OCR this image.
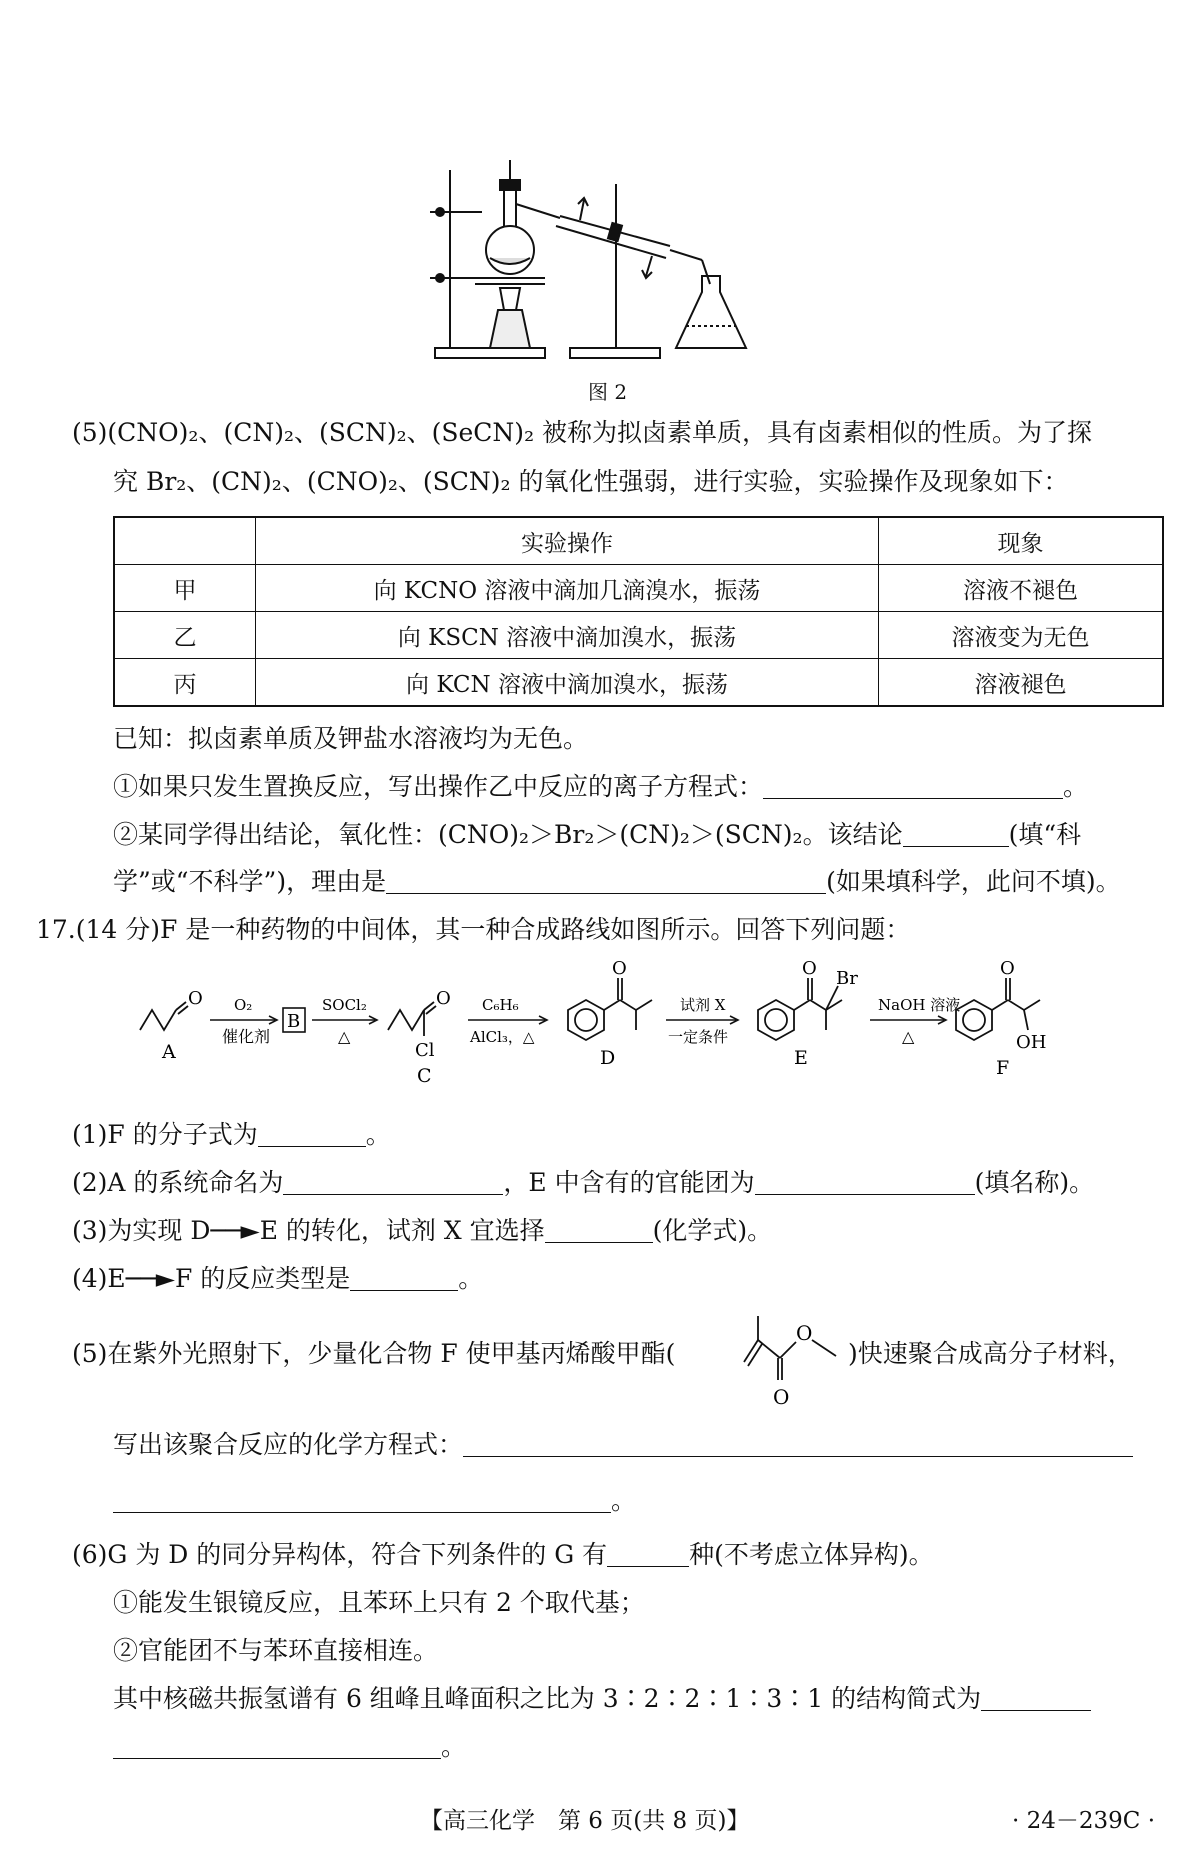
图 2
(5)(CNO)₂、(CN)₂、(SCN)₂、(SeCN)₂ 被称为拟卤素单质，具有卤素相似的性质。为了探
究 Br₂、(CN)₂、(CNO)₂、(SCN)₂ 的氧化性强弱，进行实验，实验操作及现象如下：
	实验操作	现象
甲	向 KCNO 溶液中滴加几滴溴水，振荡	溶液不褪色
乙	向 KSCN 溶液中滴加溴水，振荡	溶液变为无色
丙	向 KCN 溶液中滴加溴水，振荡	溶液褪色
已知：拟卤素单质及钾盐水溶液均为无色。
①如果只发生置换反应，写出操作乙中反应的离子方程式：	。
②某同学得出结论，氧化性：(CNO)₂＞Br₂＞(CN)₂＞(SCN)₂。该结论	(填“科
学”或“不科学”)，理由是	(如果填科学，此问不填)。
17.(14 分)F 是一种药物的中间体，其一种合成路线如图所示。回答下列问题：
O
A
O₂
催化剂
B
SOCl₂
△
O
Cl
C
C₆H₆
AlCl₃，△
O
D
试剂 X
一定条件
O Br
E
NaOH 溶液
△
O
OH
F
(1)F 的分子式为	。
(2)A 的系统命名为	，E 中含有的官能团为	(填名称)。
(3)为实现 D──►E 的转化，试剂 X 宜选择	(化学式)。
(4)E──►F 的反应类型是	。
(5)在紫外光照射下，少量化合物 F 使甲基丙烯酸甲酯(
O
O
)快速聚合成高分子材料，
写出该聚合反应的化学方程式：
。
(6)G 为 D 的同分异构体，符合下列条件的 G 有	种(不考虑立体异构)。
①能发生银镜反应，且苯环上只有 2 个取代基；
②官能团不与苯环直接相连。
其中核磁共振氢谱有 6 组峰且峰面积之比为 3∶2∶2∶1∶3∶1 的结构简式为
。
【高三化学　第 6 页(共 8 页)】	· 24－239C ·
